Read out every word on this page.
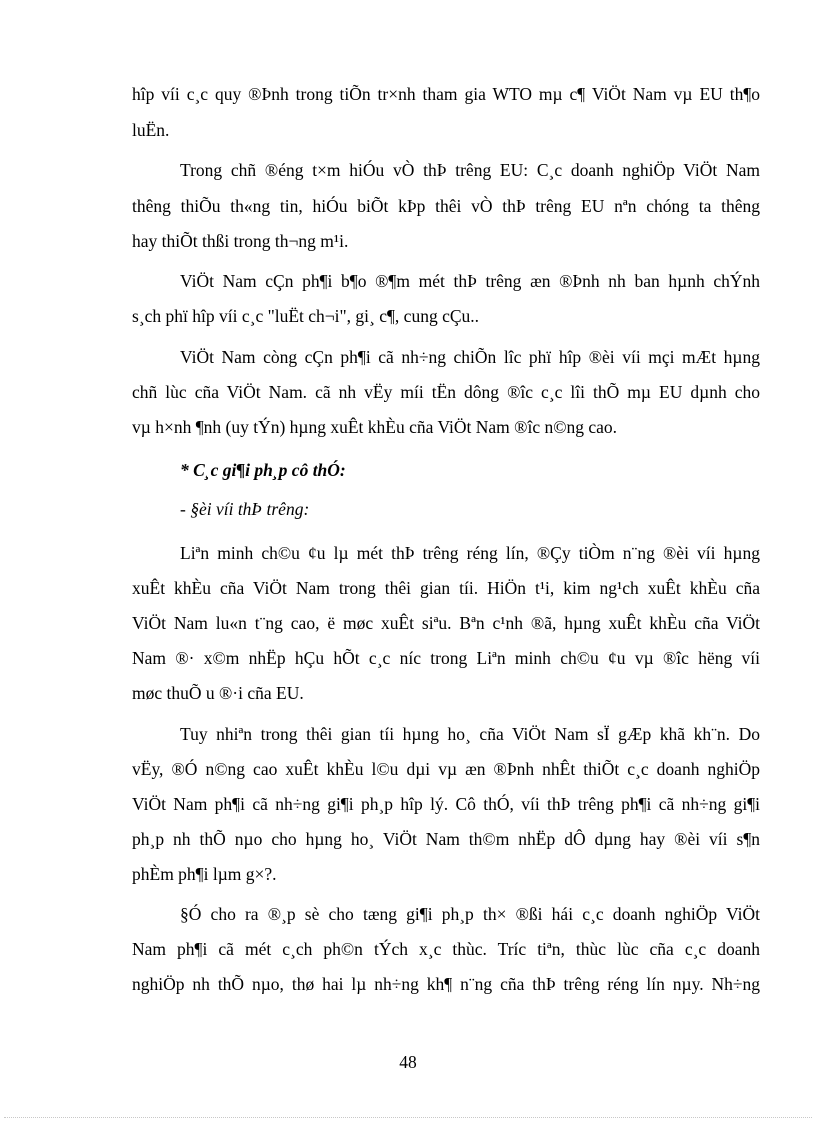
hîp víi c¸c quy ®Þnh trong tiÕn tr×nh tham gia WTO mµ c¶ ViÖt Nam vµ EU th¶o
luËn.
Trong chñ ®éng t×m hiÓu vÒ thÞ trêng EU: C¸c doanh nghiÖp ViÖt Nam
thêng thiÕu th«ng tin, hiÓu biÕt kÞp thêi vÒ thÞ trêng EU nªn chóng ta thêng
hay thiÕt thßi trong th¬ng m¹i.
ViÖt Nam cÇn ph¶i b¶o ®¶m mét thÞ trêng æn ®Þnh nh ban hµnh chÝnh
s¸ch phï hîp víi c¸c "luËt ch¬i", gi¸ c¶, cung cÇu..
ViÖt Nam còng cÇn ph¶i cã nh÷ng chiÕn lîc phï hîp ®èi víi mçi mÆt hµng
chñ lùc cña ViÖt Nam. cã nh vËy míi tËn dông ®îc c¸c lîi thÕ mµ EU dµnh cho
vµ h×nh ¶nh (uy tÝn) hµng xuÊt khÈu cña ViÖt Nam ®îc n©ng cao.
* C¸c gi¶i ph¸p cô thÓ:
- §èi víi thÞ trêng:
Liªn minh ch©u ¢u lµ mét thÞ trêng réng lín, ®Çy tiÒm n¨ng ®èi víi hµng
xuÊt khÈu cña ViÖt Nam trong thêi gian tíi. HiÖn t¹i, kim ng¹ch xuÊt khÈu cña
ViÖt Nam lu«n t¨ng cao, ë møc xuÊt siªu. Bªn c¹nh ®ã, hµng xuÊt khÈu cña ViÖt
Nam ®· x©m nhËp hÇu hÕt c¸c níc trong Liªn minh ch©u ¢u vµ ®îc hëng víi
møc thuÕ u ®·i cña EU.
Tuy nhiªn trong thêi gian tíi hµng ho¸ cña ViÖt Nam sÏ gÆp khã kh¨n. Do
vËy, ®Ó n©ng cao xuÊt khÈu l©u dµi vµ æn ®Þnh nhÊt thiÕt c¸c doanh nghiÖp
ViÖt Nam ph¶i cã nh÷ng gi¶i ph¸p hîp lý. Cô thÓ, víi thÞ trêng ph¶i cã nh÷ng gi¶i
ph¸p nh thÕ nµo cho hµng ho¸ ViÖt Nam th©m nhËp dÔ dµng hay ®èi víi s¶n
phÈm ph¶i lµm g×?.
§Ó cho ra ®¸p sè cho tæng gi¶i ph¸p th× ®ßi hái c¸c doanh nghiÖp ViÖt
Nam ph¶i cã mét c¸ch ph©n tÝch x¸c thùc. Tríc tiªn, thùc lùc cña c¸c doanh
nghiÖp nh thÕ nµo, thø hai lµ nh÷ng kh¶ n¨ng cña thÞ trêng réng lín nµy. Nh÷ng
48
